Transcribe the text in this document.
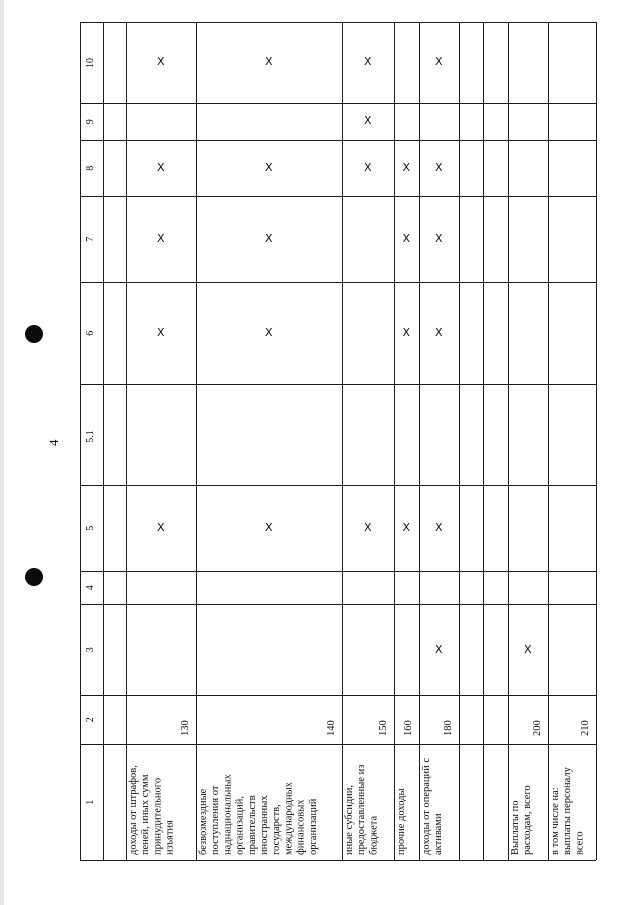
4
1
2
3
4
5
5.1
6
7
8
9
10
доходы от штрафов, пеней, иных сумм принудительного изъятия
130
X
X
X
X
X
безвозмездные поступления от наднациональных организаций, правительств иностранных государств, международных финансовых организаций
140
X
X
X
X
X
иные субсидии, предоставленные из бюджета
150
X
X
X
X
прочие доходы
160
X
X
X
X
доходы от операций с активами
180
X
X
X
X
X
X
Выплаты по расходам, всего
200
X
в том числе на: выплаты персоналу всего
210
